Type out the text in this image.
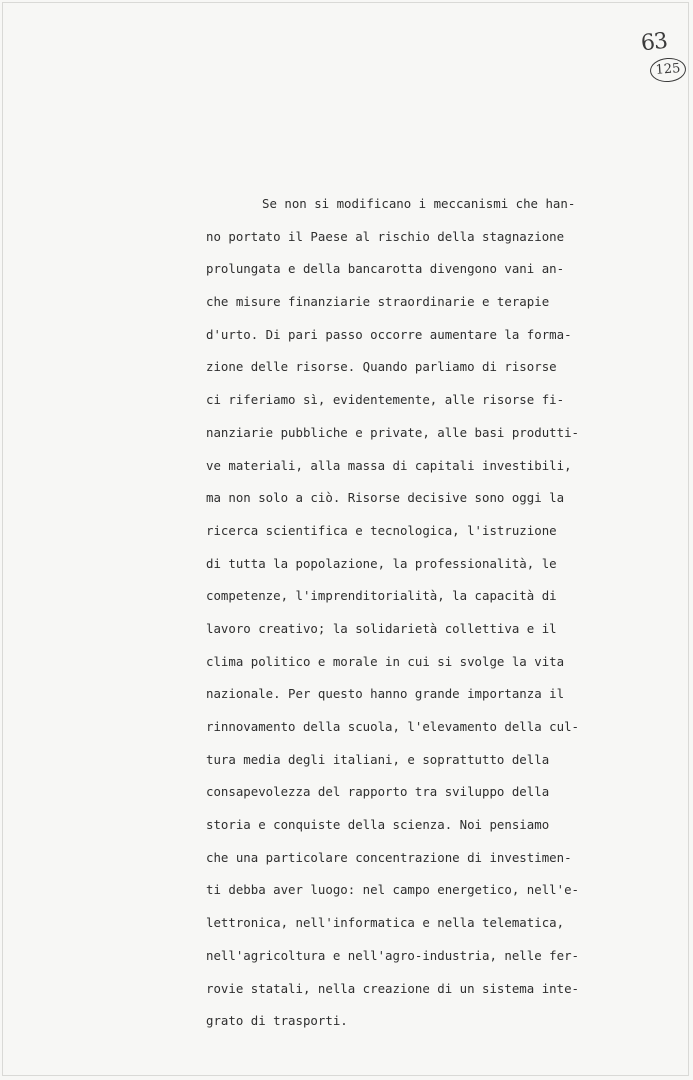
63
125
Se non si modificano i meccanismi che han-
no portato il Paese al rischio della stagnazione
prolungata e della bancarotta divengono vani an-
che misure finanziarie straordinarie e terapie
d'urto. Di pari passo occorre aumentare la forma-
zione delle risorse. Quando parliamo di risorse
ci riferiamo sì, evidentemente, alle risorse fi-
nanziarie pubbliche e private, alle basi produtti-
ve materiali, alla massa di capitali investibili,
ma non solo a ciò. Risorse decisive sono oggi la
ricerca scientifica e tecnologica, l'istruzione
di tutta la popolazione, la professionalità, le
competenze, l'imprenditorialità, la capacità di
lavoro creativo; la solidarietà collettiva e il
clima politico e morale in cui si svolge la vita
nazionale. Per questo hanno grande importanza il
rinnovamento della scuola, l'elevamento della cul-
tura media degli italiani, e soprattutto della
consapevolezza del rapporto tra sviluppo della
storia e conquiste della scienza. Noi pensiamo
che una particolare concentrazione di investimen-
ti debba aver luogo: nel campo energetico, nell'e-
lettronica, nell'informatica e nella telematica,
nell'agricoltura e nell'agro-industria, nelle fer-
rovie statali, nella creazione di un sistema inte-
grato di trasporti.
